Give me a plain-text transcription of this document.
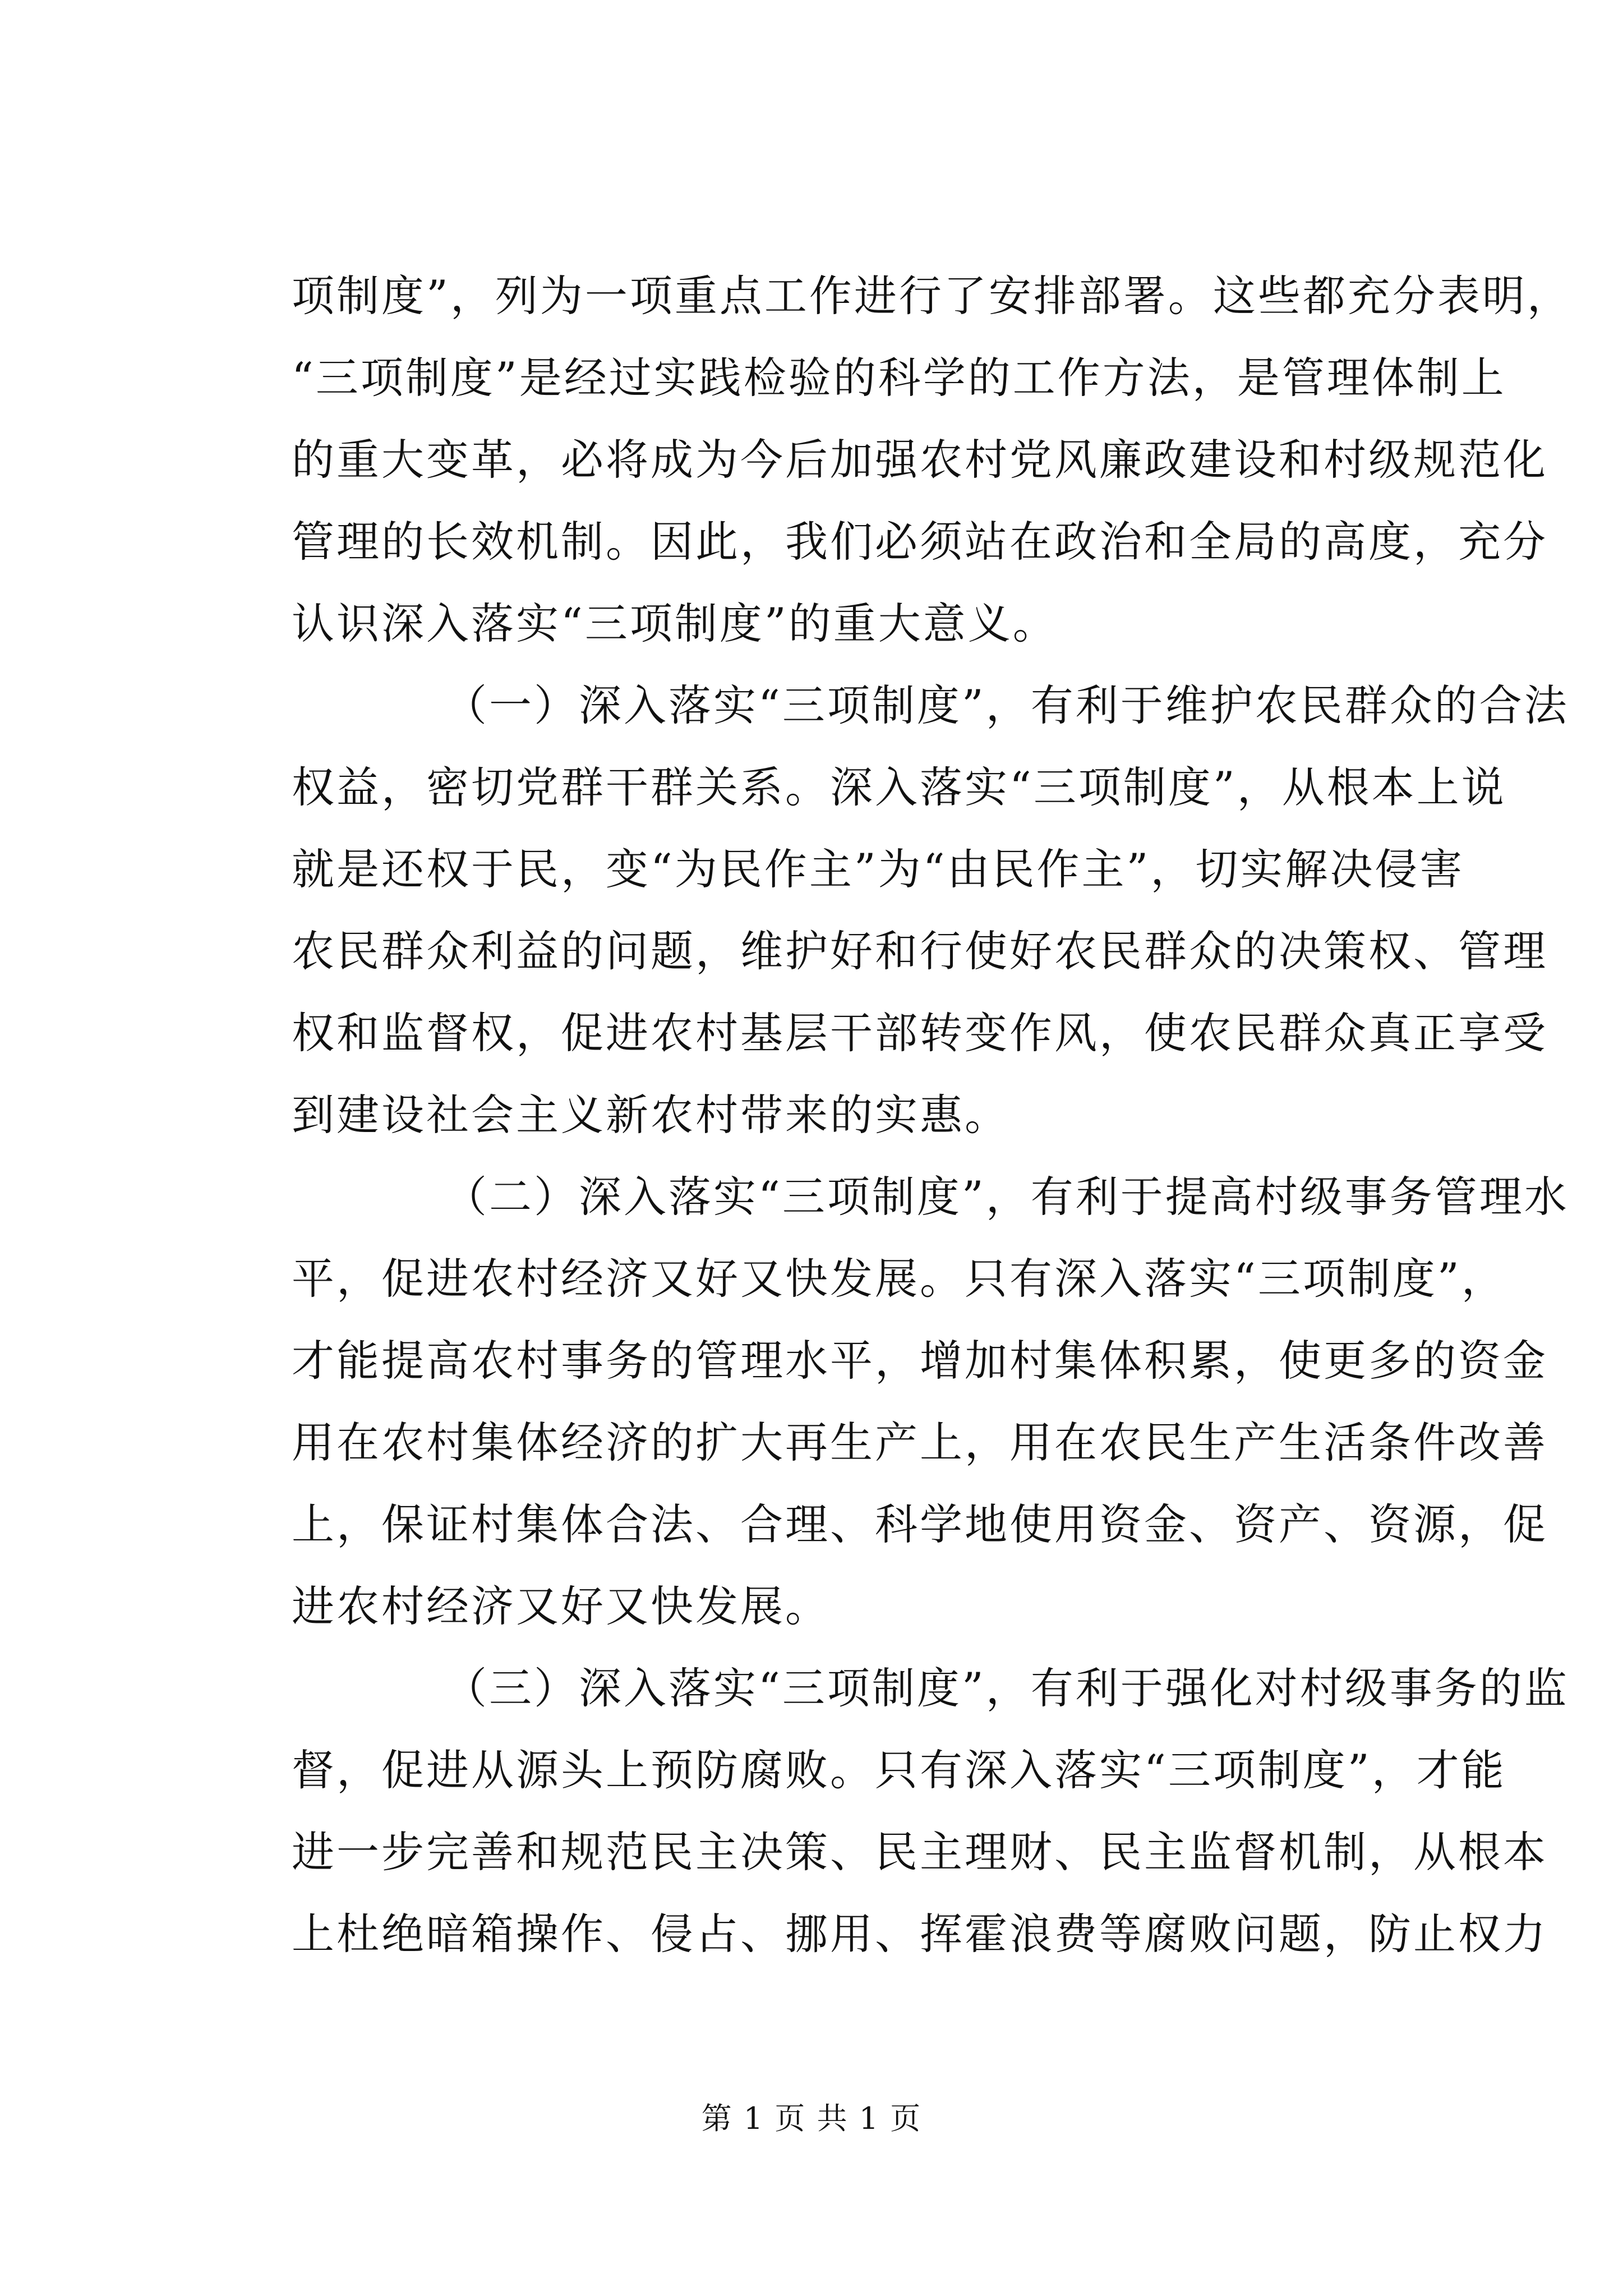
项制度”，列为一项重点工作进行了安排部署。这些都充分表明，
“三项制度”是经过实践检验的科学的工作方法，是管理体制上
的重大变革，必将成为今后加强农村党风廉政建设和村级规范化
管理的长效机制。因此，我们必须站在政治和全局的高度，充分
认识深入落实“三项制度”的重大意义。
（一）深入落实“三项制度”，有利于维护农民群众的合法
权益，密切党群干群关系。深入落实“三项制度”，从根本上说
就是还权于民，变“为民作主”为“由民作主”，切实解决侵害
农民群众利益的问题，维护好和行使好农民群众的决策权、管理
权和监督权，促进农村基层干部转变作风，使农民群众真正享受
到建设社会主义新农村带来的实惠。
（二）深入落实“三项制度”，有利于提高村级事务管理水
平，促进农村经济又好又快发展。只有深入落实“三项制度”，
才能提高农村事务的管理水平，增加村集体积累，使更多的资金
用在农村集体经济的扩大再生产上，用在农民生产生活条件改善
上，保证村集体合法、合理、科学地使用资金、资产、资源，促
进农村经济又好又快发展。
（三）深入落实“三项制度”，有利于强化对村级事务的监
督，促进从源头上预防腐败。只有深入落实“三项制度”，才能
进一步完善和规范民主决策、民主理财、民主监督机制，从根本
上杜绝暗箱操作、侵占、挪用、挥霍浪费等腐败问题，防止权力
第 1 页 共 1 页
